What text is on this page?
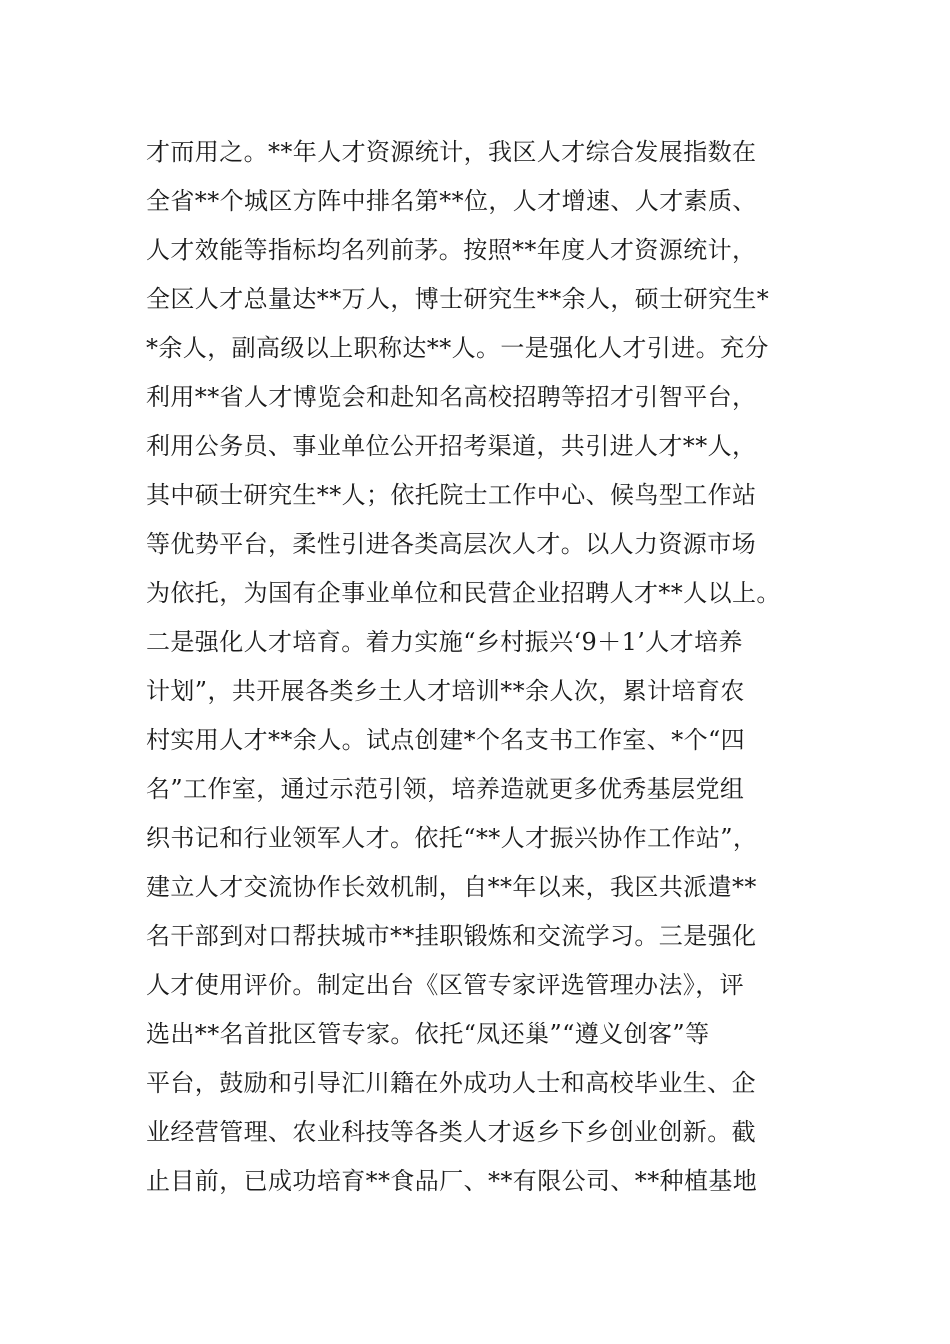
才而用之。**年人才资源统计，我区人才综合发展指数在
全省**个城区方阵中排名第**位，人才增速、人才素质、
人才效能等指标均名列前茅。按照**年度人才资源统计，
全区人才总量达**万人，博士研究生**余人，硕士研究生*
*余人，副高级以上职称达**人。一是强化人才引进。充分
利用**省人才博览会和赴知名高校招聘等招才引智平台，
利用公务员、事业单位公开招考渠道，共引进人才**人，
其中硕士研究生**人；依托院士工作中心、候鸟型工作站
等优势平台，柔性引进各类高层次人才。以人力资源市场
为依托，为国有企事业单位和民营企业招聘人才**人以上。
二是强化人才培育。着力实施“乡村振兴‘9＋1’人才培养
计划”，共开展各类乡土人才培训**余人次，累计培育农
村实用人才**余人。试点创建*个名支书工作室、*个“四
名”工作室，通过示范引领，培养造就更多优秀基层党组
织书记和行业领军人才。依托“**人才振兴协作工作站”，
建立人才交流协作长效机制，自**年以来，我区共派遣**
名干部到对口帮扶城市**挂职锻炼和交流学习。三是强化
人才使用评价。制定出台《区管专家评选管理办法》，评
选出**名首批区管专家。依托“凤还巢”“遵义创客”等
平台，鼓励和引导汇川籍在外成功人士和高校毕业生、企
业经营管理、农业科技等各类人才返乡下乡创业创新。截
止目前，已成功培育**食品厂、**有限公司、**种植基地
